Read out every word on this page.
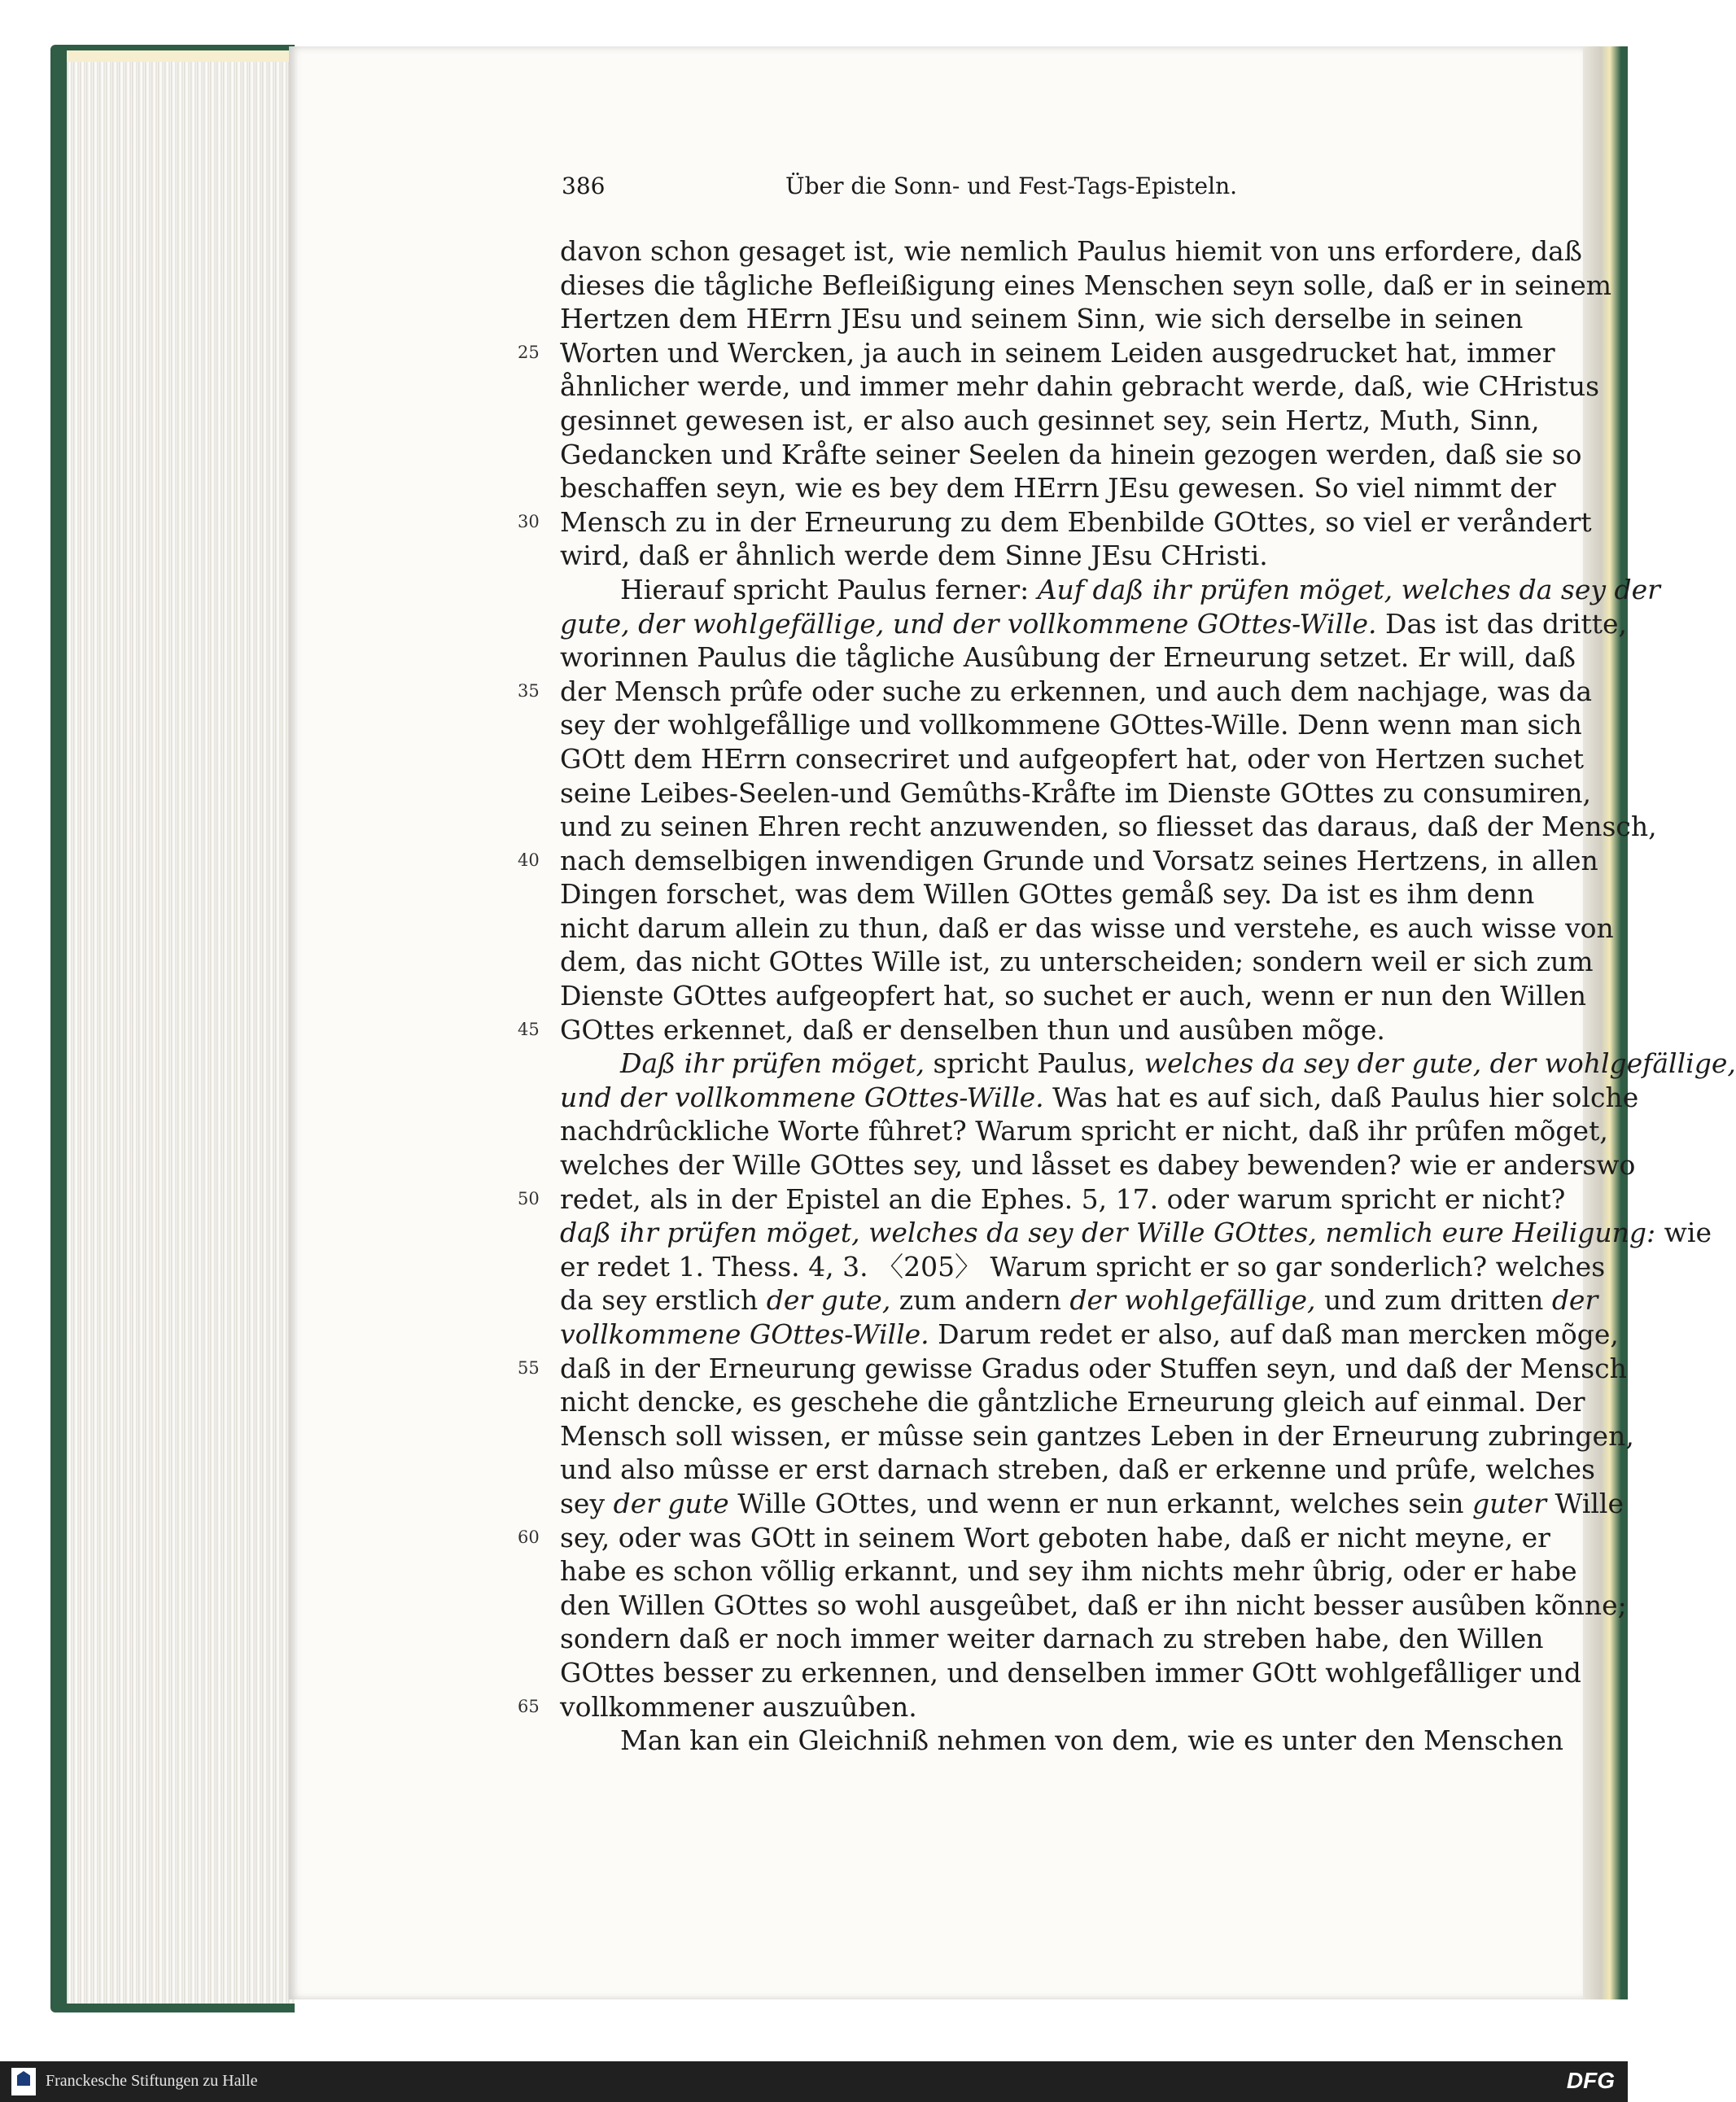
386	Über die Sonn- und Fest-Tags-Episteln.
davon schon gesaget ist, wie nemlich Paulus hiemit von uns erfordere, daß
dieses die tågliche Befleißigung eines Menschen seyn solle, daß er in seinem
Hertzen dem HErrn JEsu und seinem Sinn, wie sich derselbe in seinen
25 Worten und Wercken, ja auch in seinem Leiden ausgedrucket hat, immer
åhnlicher werde, und immer mehr dahin gebracht werde, daß, wie CHristus
gesinnet gewesen ist, er also auch gesinnet sey, sein Hertz, Muth, Sinn,
Gedancken und Kråfte seiner Seelen da hinein gezogen werden, daß sie so
beschaffen seyn, wie es bey dem HErrn JEsu gewesen. So viel nimmt der
30 Mensch zu in der Erneurung zu dem Ebenbilde GOttes, so viel er veråndert
wird, daß er åhnlich werde dem Sinne JEsu CHristi.
Hierauf spricht Paulus ferner: Auf daß ihr prüfen möget, welches da sey der
gute, der wohlgefällige, und der vollkommene GOttes-Wille. Das ist das dritte,
worinnen Paulus die tågliche Ausûbung der Erneurung setzet. Er will, daß
35 der Mensch prûfe oder suche zu erkennen, und auch dem nachjage, was da
sey der wohlgefållige und vollkommene GOttes-Wille. Denn wenn man sich
GOtt dem HErrn consecriret und aufgeopfert hat, oder von Hertzen suchet
seine Leibes-Seelen-und Gemûths-Kråfte im Dienste GOttes zu consumiren,
und zu seinen Ehren recht anzuwenden, so fliesset das daraus, daß der Mensch,
40 nach demselbigen inwendigen Grunde und Vorsatz seines Hertzens, in allen
Dingen forschet, was dem Willen GOttes gemåß sey. Da ist es ihm denn
nicht darum allein zu thun, daß er das wisse und verstehe, es auch wisse von
dem, das nicht GOttes Wille ist, zu unterscheiden; sondern weil er sich zum
Dienste GOttes aufgeopfert hat, so suchet er auch, wenn er nun den Willen
45 GOttes erkennet, daß er denselben thun und ausûben mõge.
Daß ihr prüfen möget, spricht Paulus, welches da sey der gute, der wohlgefällige,
und der vollkommene GOttes-Wille. Was hat es auf sich, daß Paulus hier solche
nachdrûckliche Worte fûhret? Warum spricht er nicht, daß ihr prûfen mõget,
welches der Wille GOttes sey, und låsset es dabey bewenden? wie er anderswo
50 redet, als in der Epistel an die Ephes. 5, 17. oder warum spricht er nicht?
daß ihr prüfen möget, welches da sey der Wille GOttes, nemlich eure Heiligung: wie
er redet 1. Thess. 4, 3. 〈205〉 Warum spricht er so gar sonderlich? welches
da sey erstlich der gute, zum andern der wohlgefällige, und zum dritten der
vollkommene GOttes-Wille. Darum redet er also, auf daß man mercken mõge,
55 daß in der Erneurung gewisse Gradus oder Stuffen seyn, und daß der Mensch
nicht dencke, es geschehe die gåntzliche Erneurung gleich auf einmal. Der
Mensch soll wissen, er mûsse sein gantzes Leben in der Erneurung zubringen,
und also mûsse er erst darnach streben, daß er erkenne und prûfe, welches
sey der gute Wille GOttes, und wenn er nun erkannt, welches sein guter Wille
60 sey, oder was GOtt in seinem Wort geboten habe, daß er nicht meyne, er
habe es schon võllig erkannt, und sey ihm nichts mehr ûbrig, oder er habe
den Willen GOttes so wohl ausgeûbet, daß er ihn nicht besser ausûben kõnne;
sondern daß er noch immer weiter darnach zu streben habe, den Willen
GOttes besser zu erkennen, und denselben immer GOtt wohlgefålliger und
65 vollkommener auszuûben.
Man kan ein Gleichniß nehmen von dem, wie es unter den Menschen
Franckesche Stiftungen zu Halle	DFG
